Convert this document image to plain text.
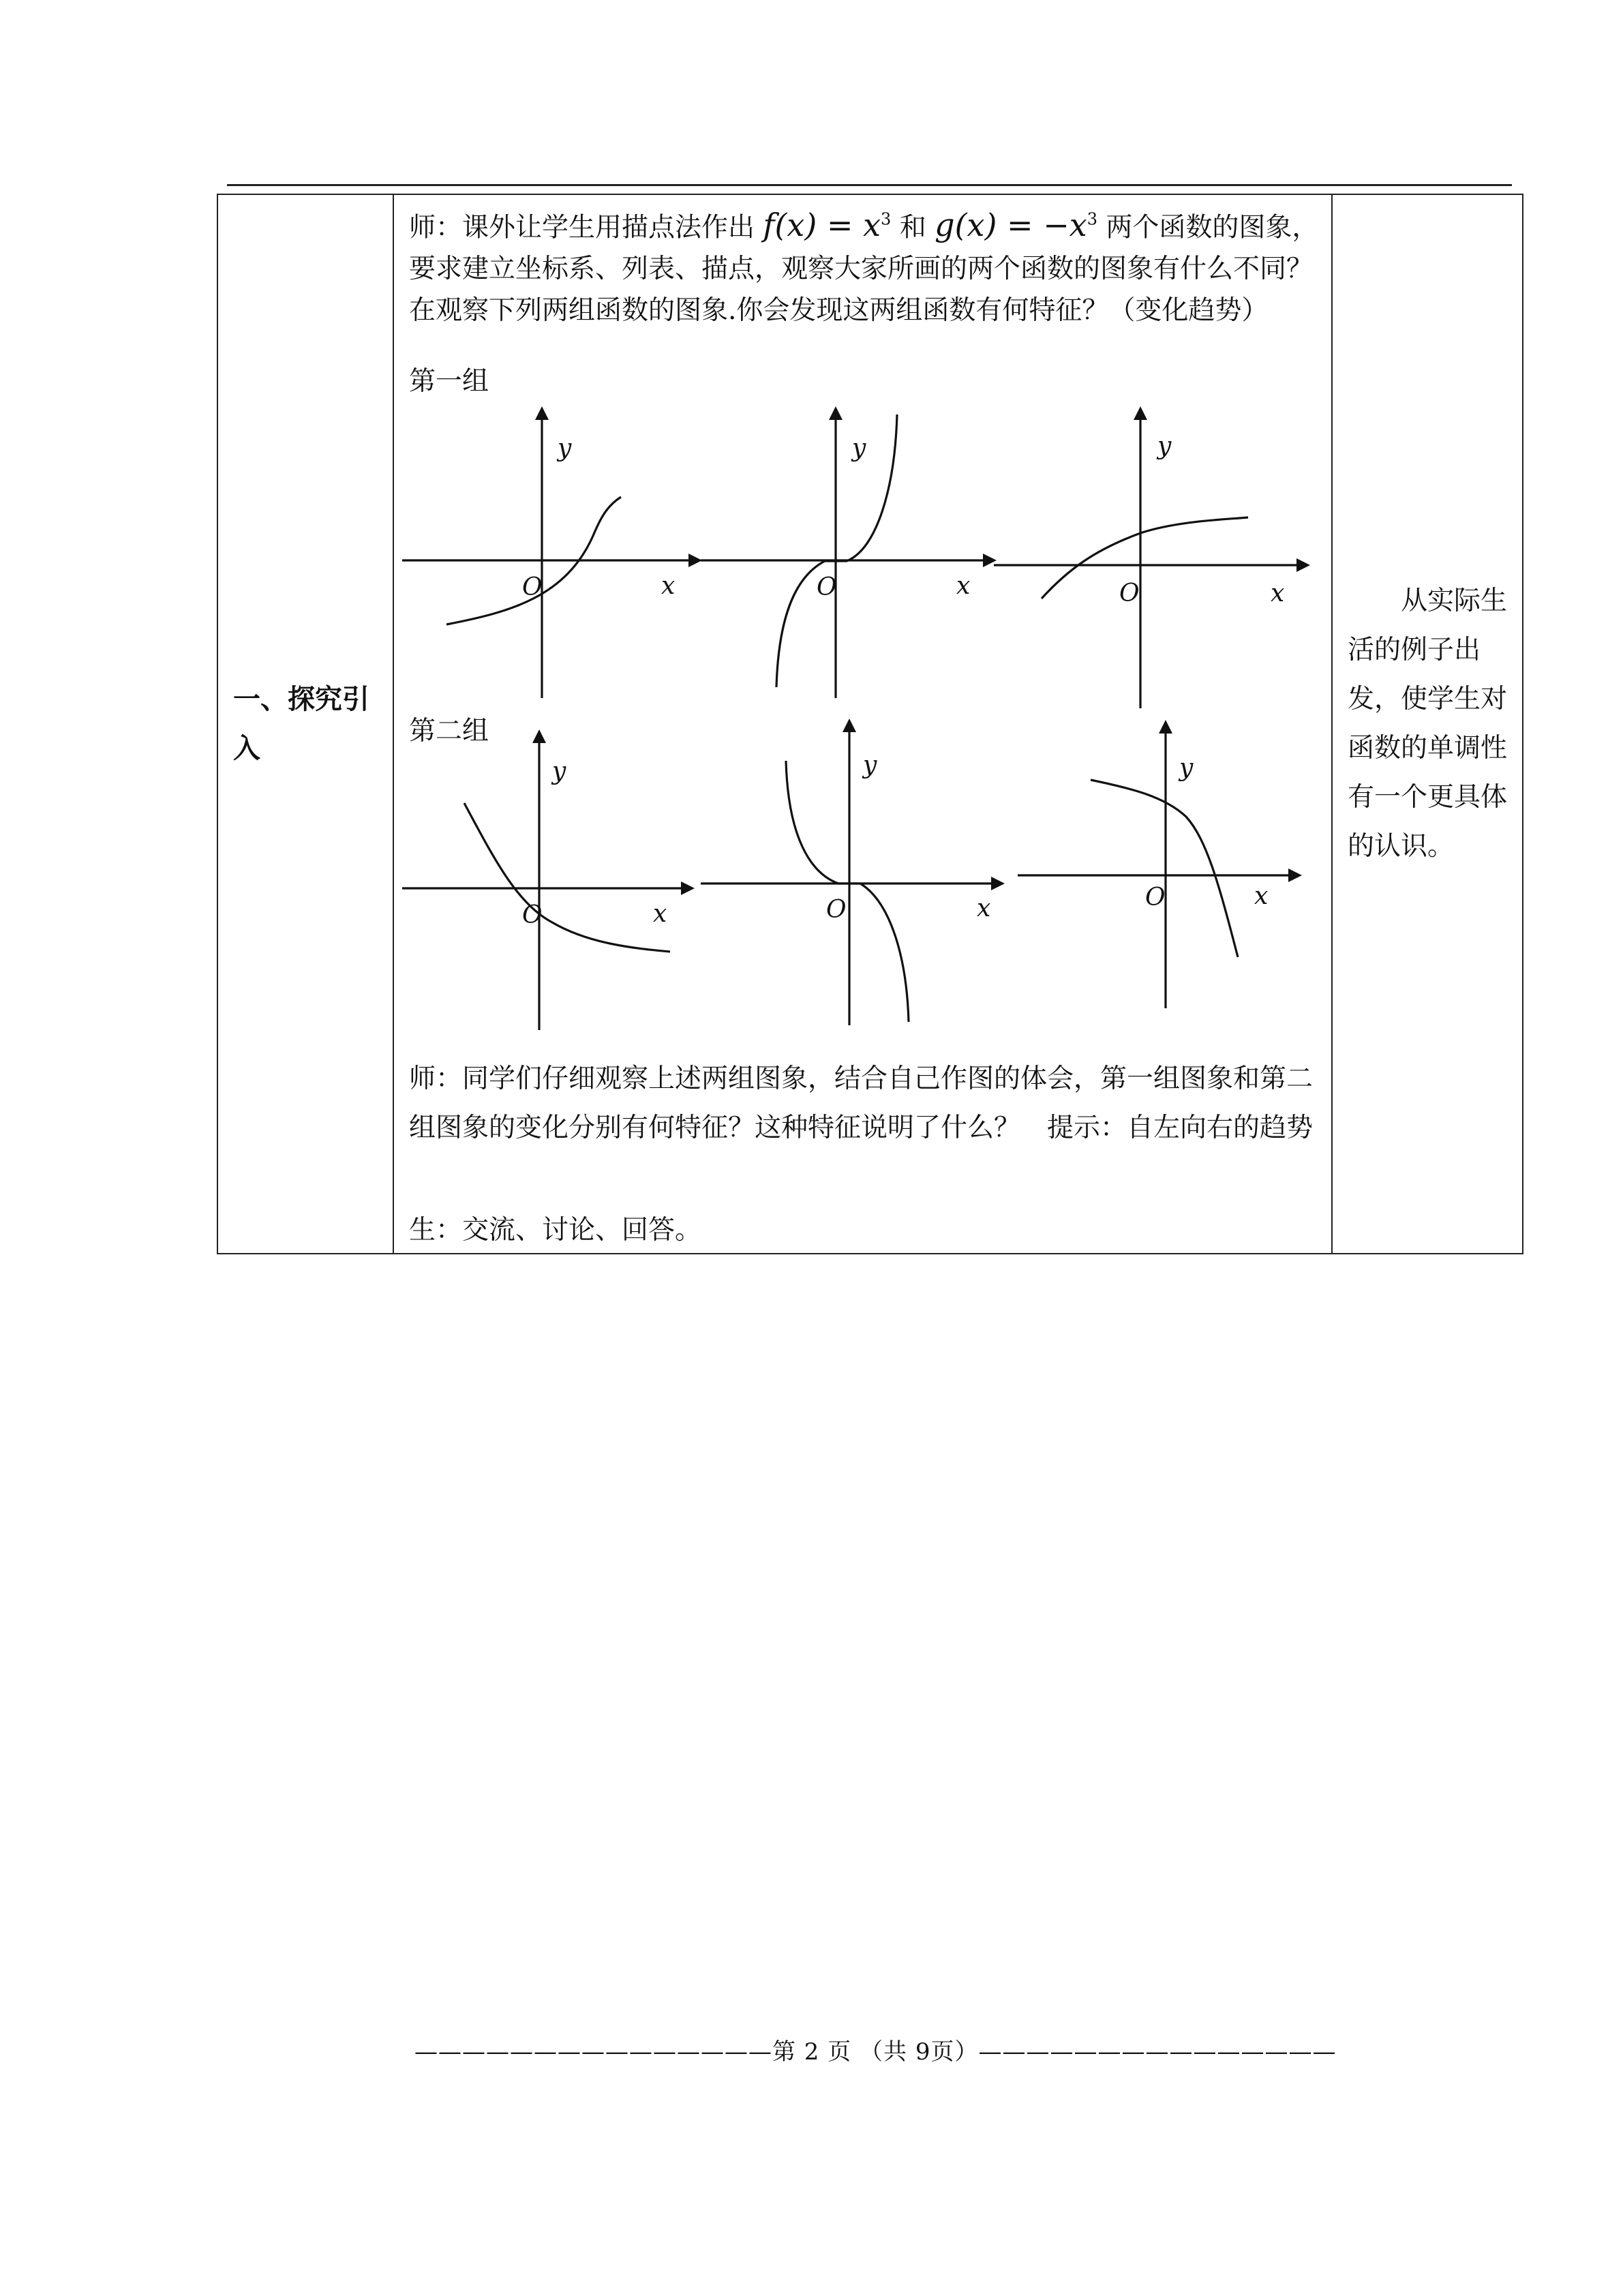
一、探究引入

师：课外让学生用描点法作出 $f(x) = x^3$ 和 $g(x) = -x^3$ 两个函数的图象，要求建立坐标系、列表、描点，观察大家所画的两个函数的图象有什么不同？在观察下列两组函数的图象.你会发现这两组函数有何特征？（变化趋势）
第一组
第二组
y
x
O
y
x
O
y
x
O
y
x
O
y
x
O
y
x
O
师：同学们仔细观察上述两组图象，结合自己作图的体会，第一组图象和第二组图象的变化分别有何特征？这种特征说明了什么？　提示：自左向右的趋势
生：交流、讨论、回答。

从实际生活的例子出发，使学生对函数的单调性有一个更具体的认识。
———————————————第 2 页 （共 9页）———————————————
